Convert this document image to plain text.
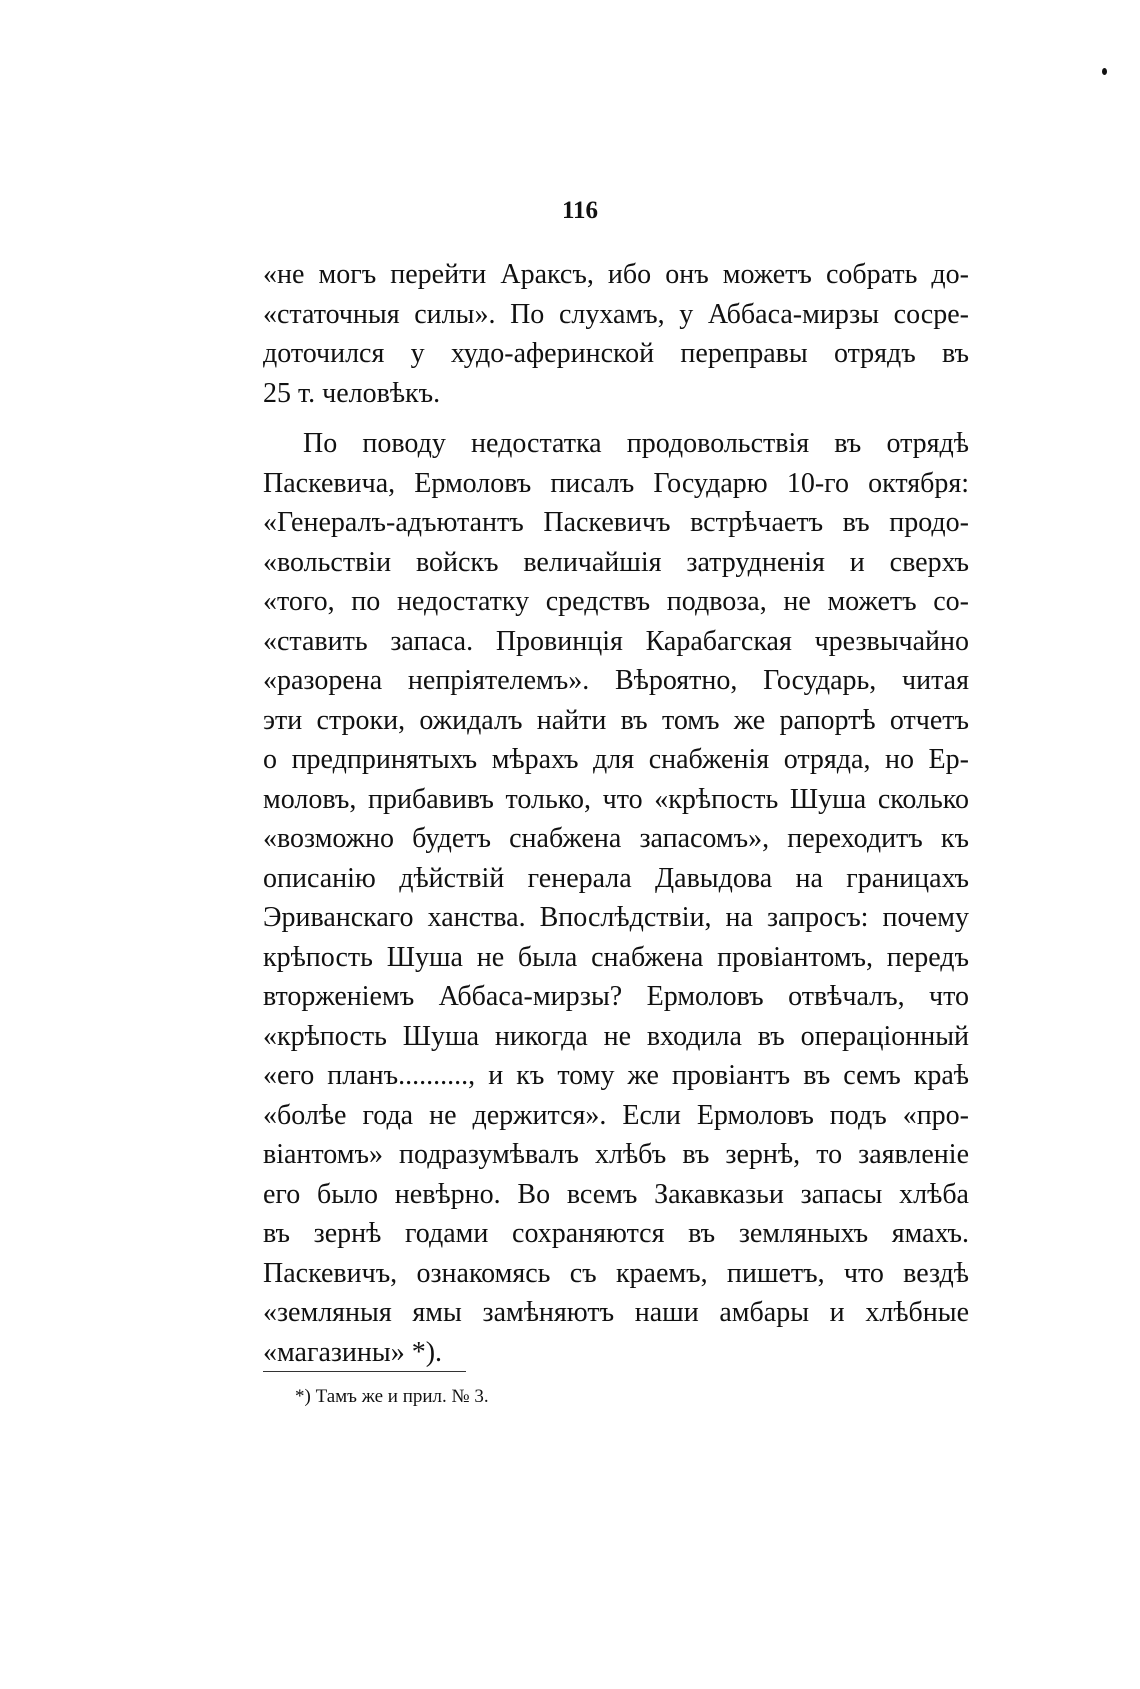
116
«не могъ перейти Араксъ, ибо онъ можетъ собрать до-
«статочныя силы». По слухамъ, у Аббаса-мирзы сосре-
доточился у худо-аферинской переправы отрядъ въ
25 т. человѣкъ.
По поводу недостатка продовольствія въ отрядѣ
Паскевича, Ермоловъ писалъ Государю 10-го октября:
«Генералъ-адъютантъ Паскевичъ встрѣчаетъ въ продо-
«вольствіи войскъ величайшія затрудненія и сверхъ
«того, по недостатку средствъ подвоза, не можетъ со-
«ставить запаса. Провинція Карабагская чрезвычайно
«разорена непріятелемъ». Вѣроятно, Государь, читая
эти строки, ожидалъ найти въ томъ же рапортѣ отчетъ
о предпринятыхъ мѣрахъ для снабженія отряда, но Ер-
моловъ, прибавивъ только, что «крѣпость Шуша сколько
«возможно будетъ снабжена запасомъ», переходитъ къ
описанію дѣйствій генерала Давыдова на границахъ
Эриванскаго ханства. Впослѣдствіи, на запросъ: почему
крѣпость Шуша не была снабжена провіантомъ, передъ
вторженіемъ Аббаса-мирзы? Ермоловъ отвѣчалъ, что
«крѣпость Шуша никогда не входила въ операціонный
«его планъ.........., и къ тому же провіантъ въ семъ краѣ
«болѣе года не держится». Если Ермоловъ подъ «про-
віантомъ» подразумѣвалъ хлѣбъ въ зернѣ, то заявленіе
его было невѣрно. Во всемъ Закавказьи запасы хлѣба
въ зернѣ годами сохраняются въ земляныхъ ямахъ.
Паскевичъ, ознакомясь съ краемъ, пишетъ, что вездѣ
«земляныя ямы замѣняютъ наши амбары и хлѣбные
«магазины» *).
*) Тамъ же и прил. № 3.
